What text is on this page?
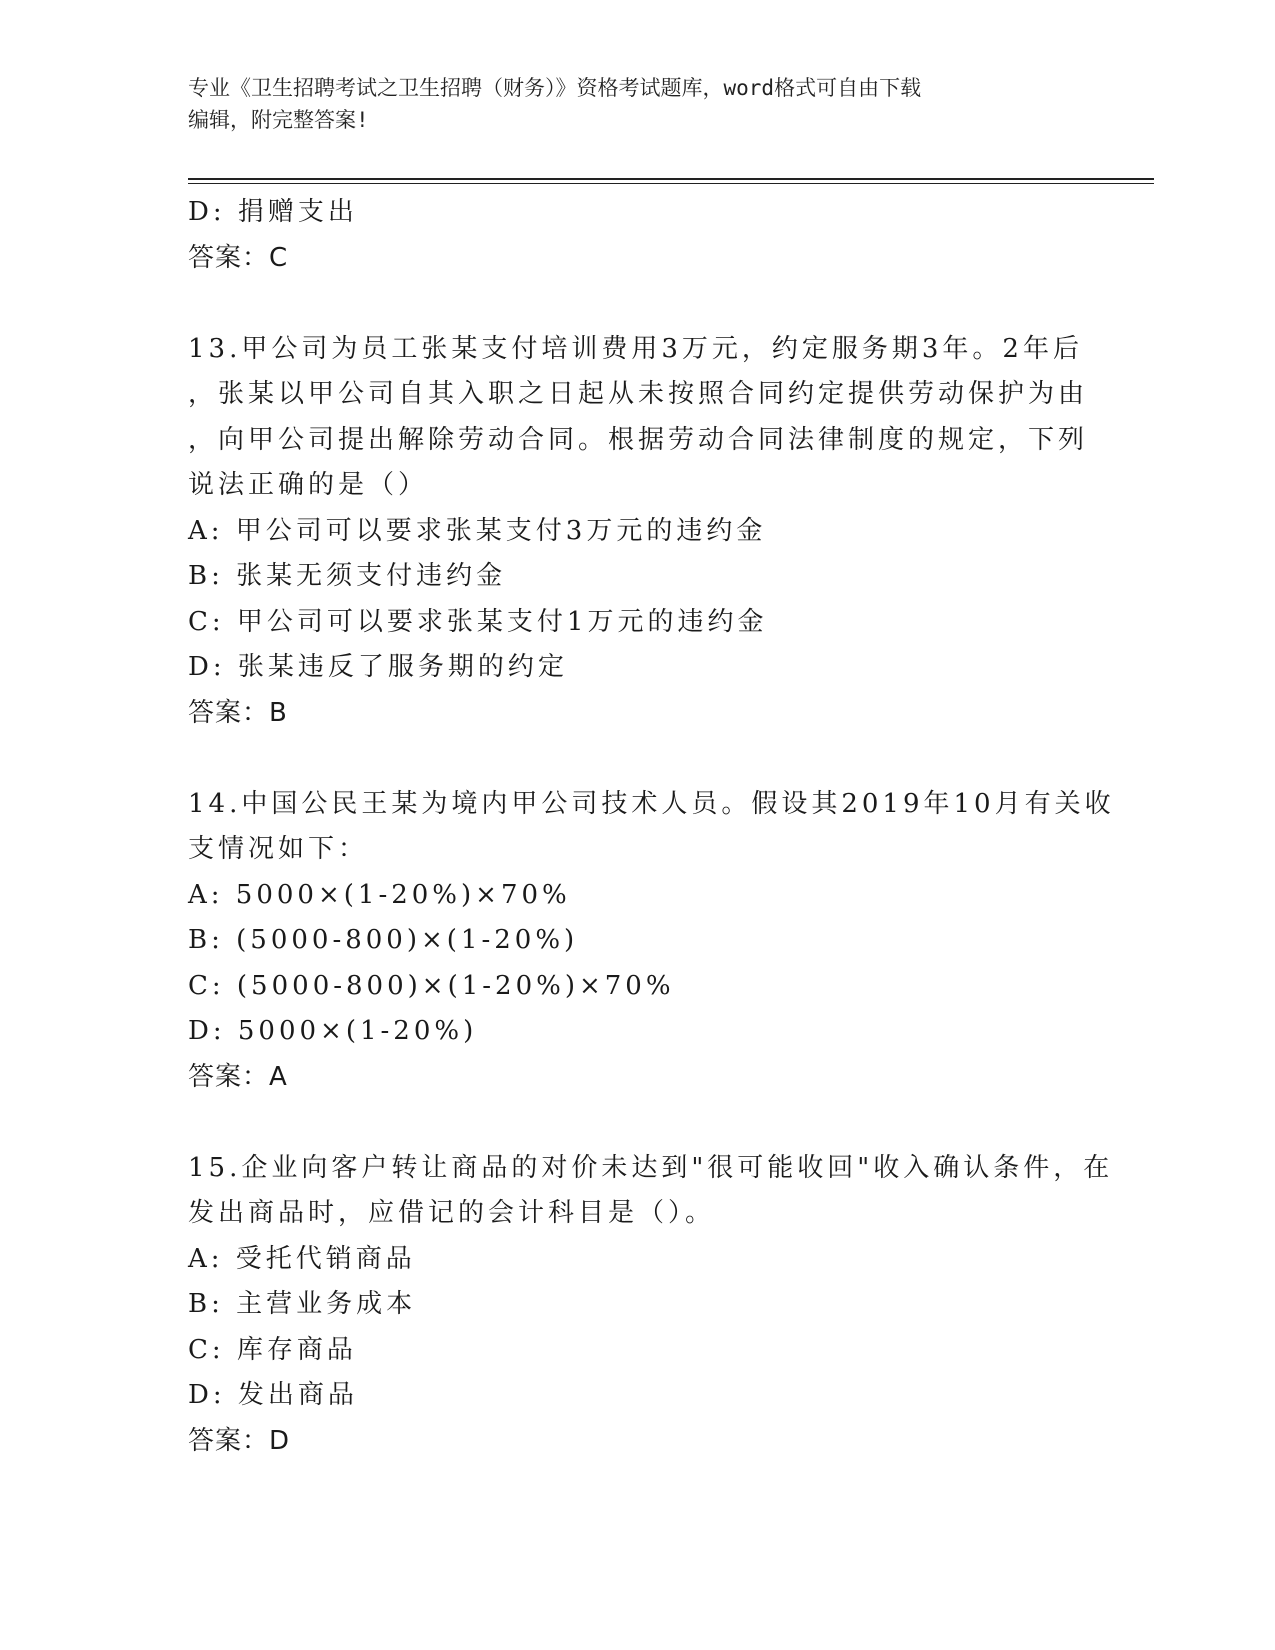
专业《卫生招聘考试之卫生招聘（财务）》资格考试题库，word格式可自由下载
编辑，附完整答案!
D: 捐赠支出
答案：C
13.甲公司为员工张某支付培训费用3万元，约定服务期3年。2年后
，张某以甲公司自其入职之日起从未按照合同约定提供劳动保护为由
，向甲公司提出解除劳动合同。根据劳动合同法律制度的规定，下列
说法正确的是（）
A: 甲公司可以要求张某支付3万元的违约金
B: 张某无须支付违约金
C: 甲公司可以要求张某支付1万元的违约金
D: 张某违反了服务期的约定
答案：B
14.中国公民王某为境内甲公司技术人员。假设其2019年10月有关收
支情况如下：
A: 5000×(1-20%)×70%
B: (5000-800)×(1-20%)
C: (5000-800)×(1-20%)×70%
D: 5000×(1-20%)
答案：A
15.企业向客户转让商品的对价未达到"很可能收回"收入确认条件，在
发出商品时，应借记的会计科目是（）。
A: 受托代销商品
B: 主营业务成本
C: 库存商品
D: 发出商品
答案：D
